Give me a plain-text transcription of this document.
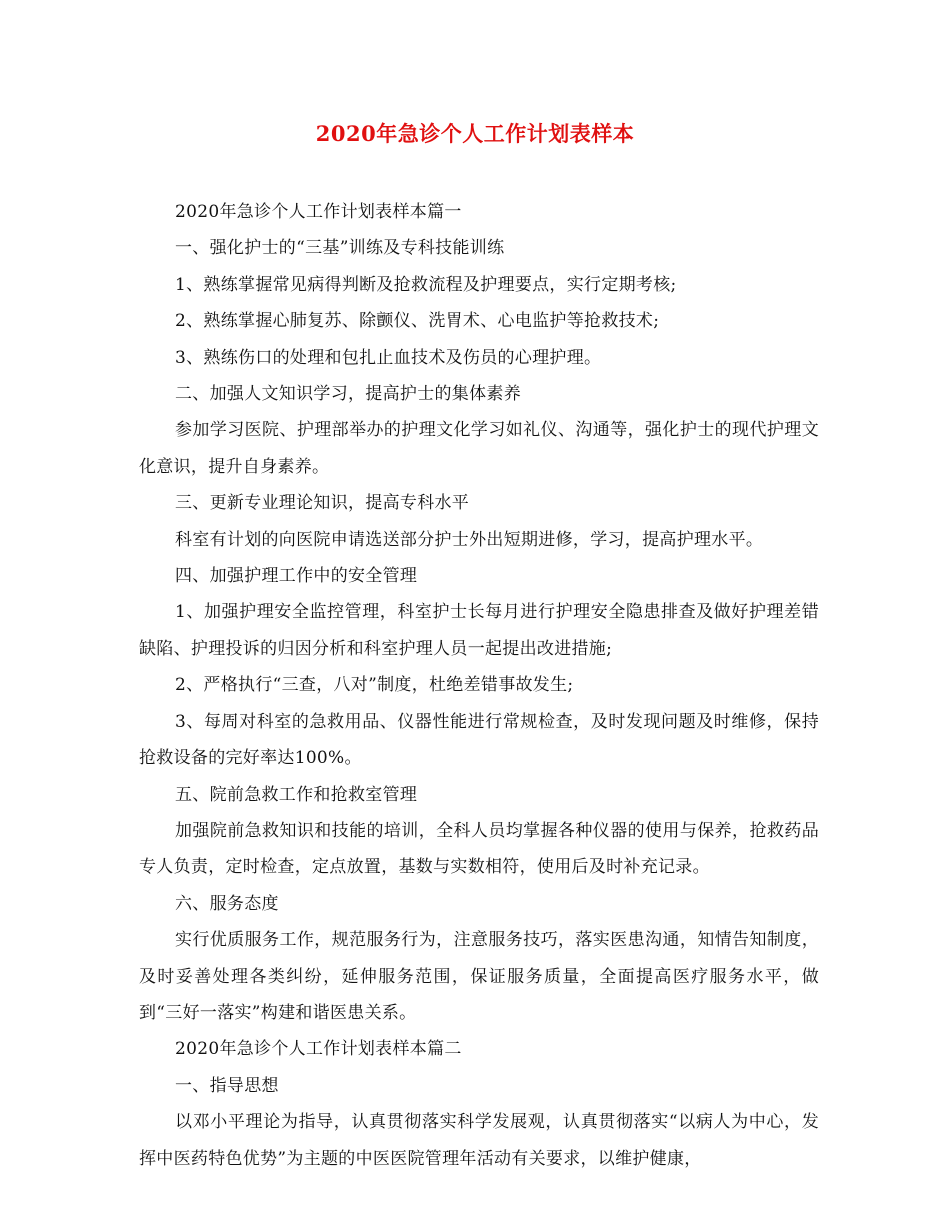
2020年急诊个人工作计划表样本

2020年急诊个人工作计划表样本篇一

一、强化护士的“三基”训练及专科技能训练

1、熟练掌握常见病得判断及抢救流程及护理要点，实行定期考核;

2、熟练掌握心肺复苏、除颤仪、洗胃术、心电监护等抢救技术;

3、熟练伤口的处理和包扎止血技术及伤员的心理护理。

二、加强人文知识学习，提高护士的集体素养

参加学习医院、护理部举办的护理文化学习如礼仪、沟通等，强化护士的现代护理文化意识，提升自身素养。

三、更新专业理论知识，提高专科水平

科室有计划的向医院申请选送部分护士外出短期进修，学习，提高护理水平。

四、加强护理工作中的安全管理

1、加强护理安全监控管理，科室护士长每月进行护理安全隐患排查及做好护理差错缺陷、护理投诉的归因分析和科室护理人员一起提出改进措施;

2、严格执行“三查，八对”制度，杜绝差错事故发生;

3、每周对科室的急救用品、仪器性能进行常规检查，及时发现问题及时维修，保持抢救设备的完好率达100%。

五、院前急救工作和抢救室管理

加强院前急救知识和技能的培训，全科人员均掌握各种仪器的使用与保养，抢救药品专人负责，定时检查，定点放置，基数与实数相符，使用后及时补充记录。

六、服务态度

实行优质服务工作，规范服务行为，注意服务技巧，落实医患沟通，知情告知制度，及时妥善处理各类纠纷，延伸服务范围，保证服务质量，全面提高医疗服务水平，做到“三好一落实”构建和谐医患关系。

2020年急诊个人工作计划表样本篇二

一、指导思想

以邓小平理论为指导，认真贯彻落实科学发展观，认真贯彻落实“以病人为中心，发挥中医药特色优势”为主题的中医医院管理年活动有关要求，以维护健康，
